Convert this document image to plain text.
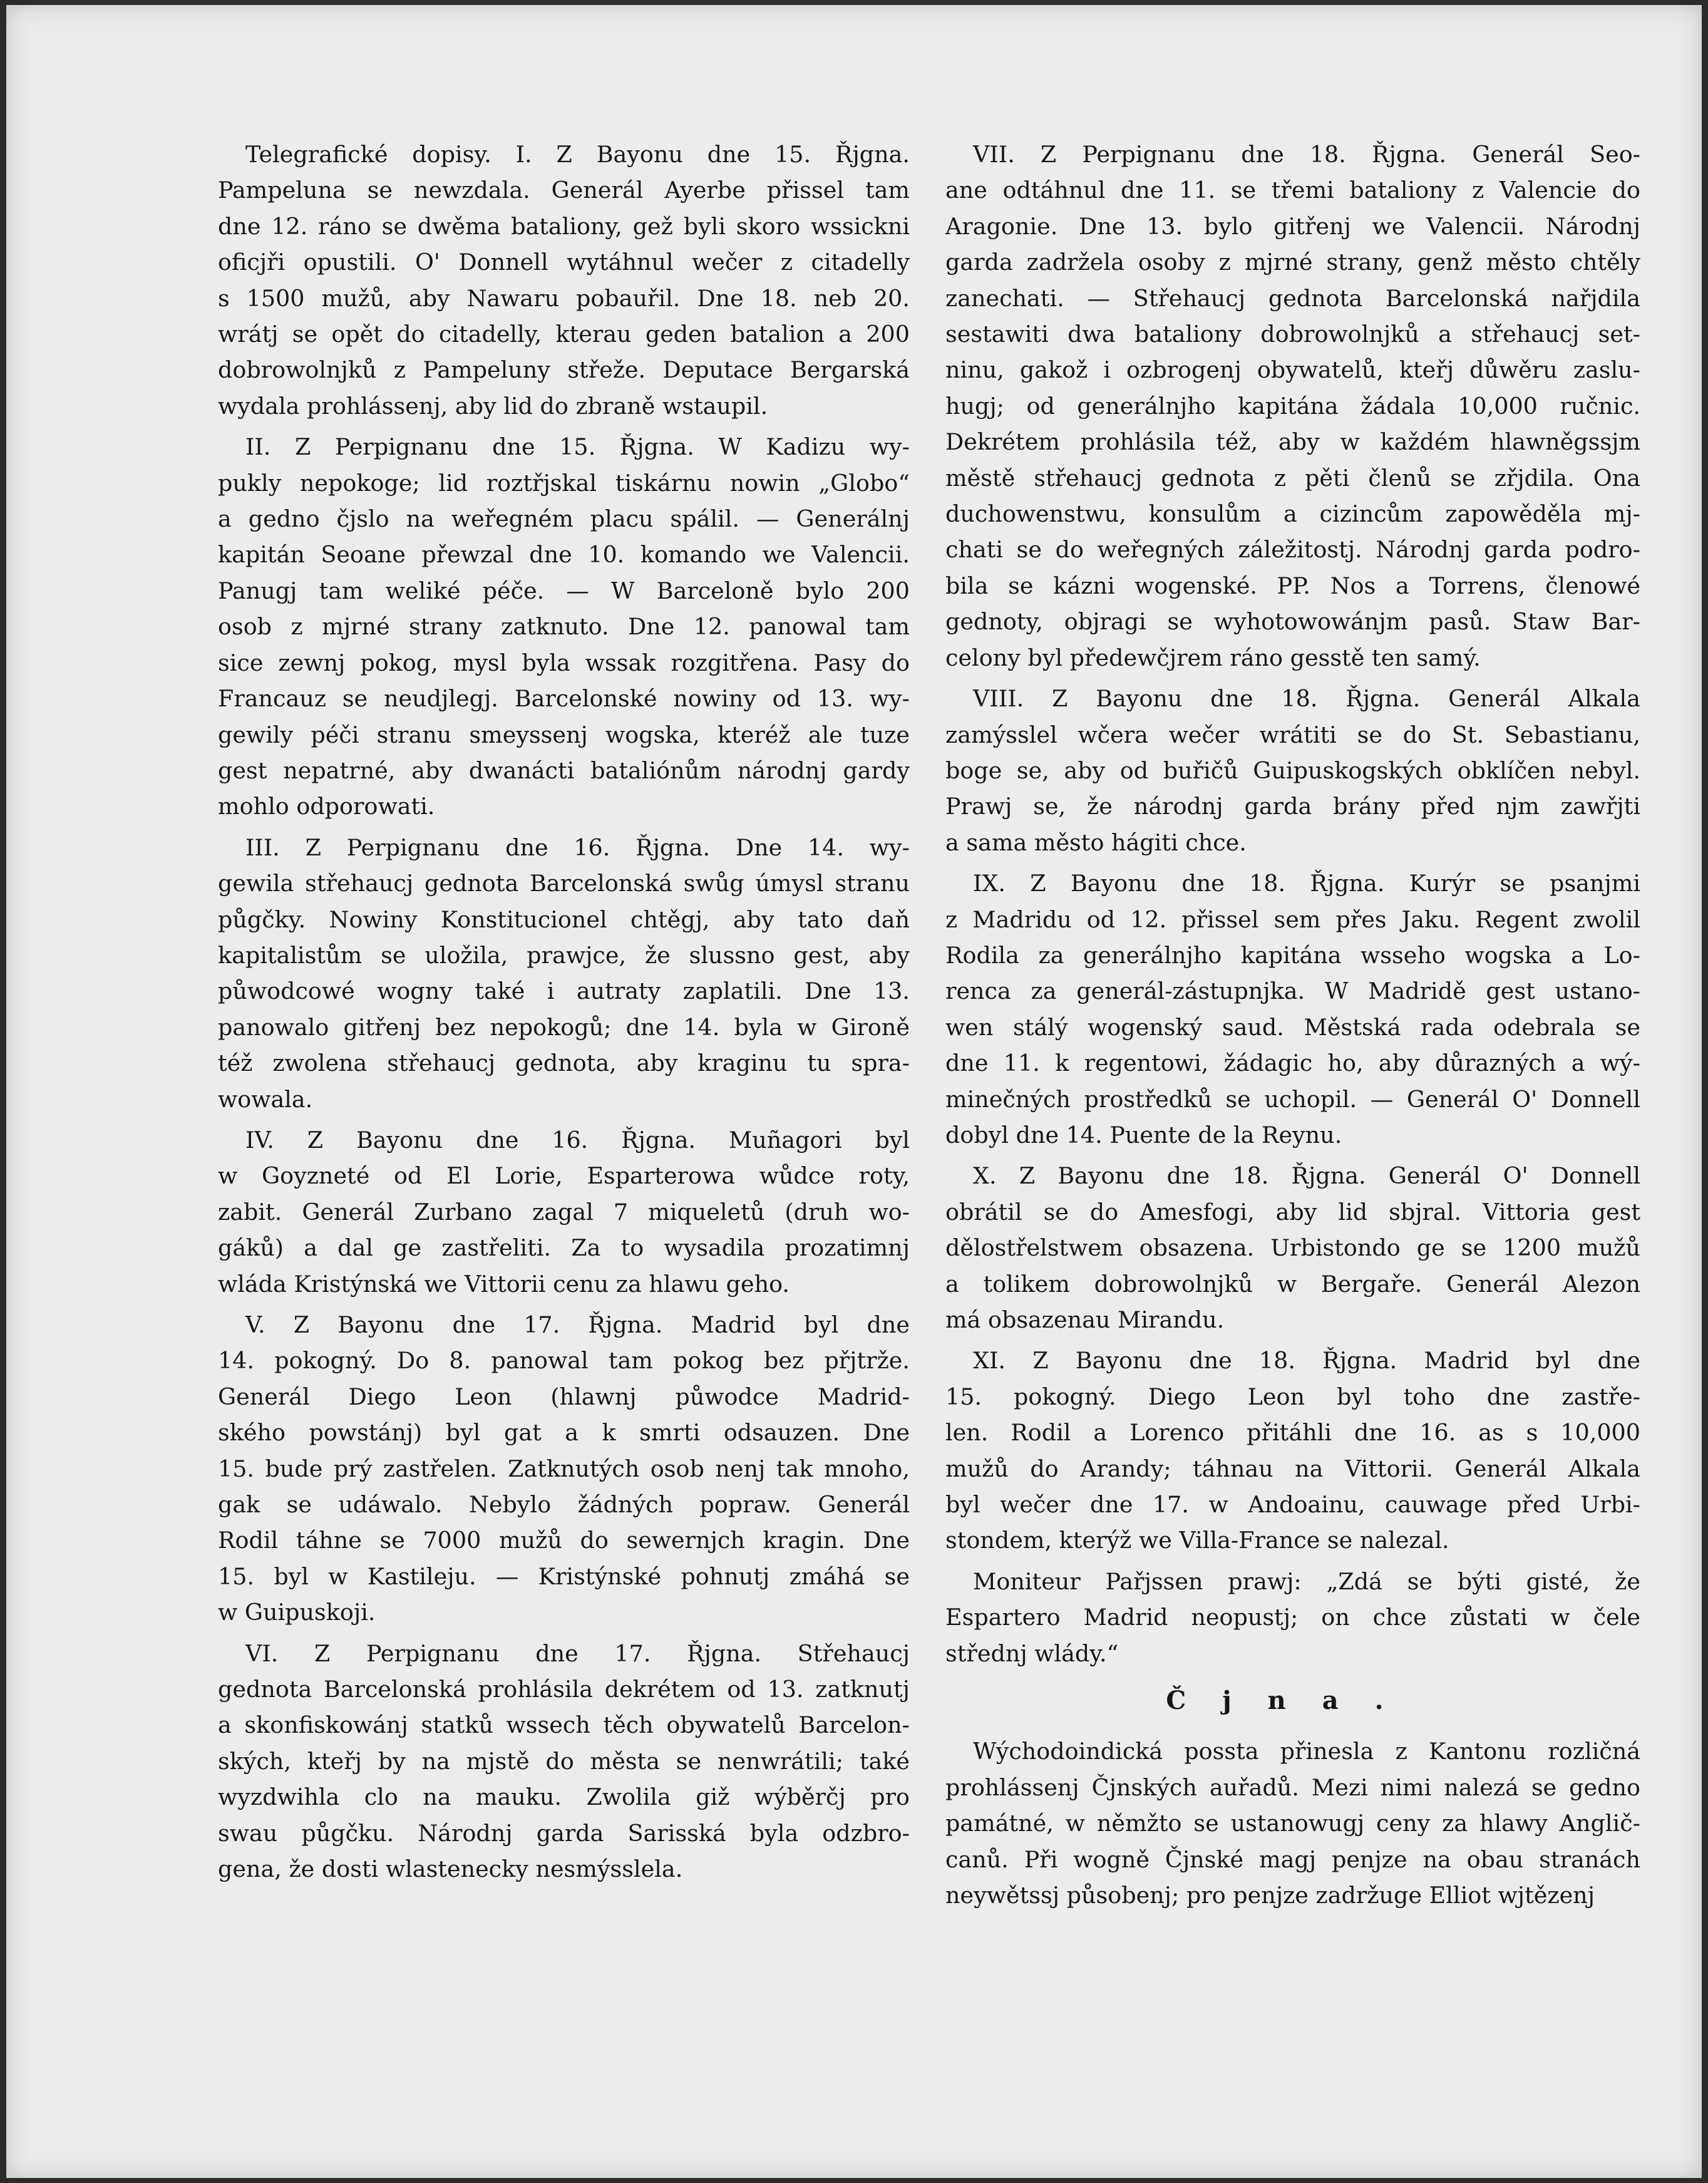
Telegrafické dopisy. I. Z Bayonu dne 15. Řjgna.
Pampeluna se newzdala. Generál Ayerbe přissel tam
dne 12. ráno se dwěma bataliony, gež byli skoro wssickni
oficjři opustili. O' Donnell wytáhnul wečer z citadelly
s 1500 mužů, aby Nawaru pobauřil. Dne 18. neb 20.
wrátj se opět do citadelly, kterau geden batalion a 200
dobrowolnjků z Pampeluny střeže. Deputace Bergarská
wydala prohlássenj, aby lid do zbraně wstaupil.
II. Z Perpignanu dne 15. Řjgna. W Kadizu wy-
pukly nepokoge; lid roztřjskal tiskárnu nowin „Globo“
a gedno čjslo na weřegném placu spálil. — Generálnj
kapitán Seoane přewzal dne 10. komando we Valencii.
Panugj tam weliké péče. — W Barceloně bylo 200
osob z mjrné strany zatknuto. Dne 12. panowal tam
sice zewnj pokog, mysl byla wssak rozgitřena. Pasy do
Francauz se neudjlegj. Barcelonské nowiny od 13. wy-
gewily péči stranu smeyssenj wogska, kteréž ale tuze
gest nepatrné, aby dwanácti bataliónům národnj gardy
mohlo odporowati.
III. Z Perpignanu dne 16. Řjgna. Dne 14. wy-
gewila střehaucj gednota Barcelonská swůg úmysl stranu
půgčky. Nowiny Konstitucionel chtěgj, aby tato daň
kapitalistům se uložila, prawjce, že slussno gest, aby
půwodcowé wogny také i autraty zaplatili. Dne 13.
panowalo gitřenj bez nepokogů; dne 14. byla w Gironě
též zwolena střehaucj gednota, aby kraginu tu spra-
wowala.
IV. Z Bayonu dne 16. Řjgna. Muñagori byl
w Goyzneté od El Lorie, Esparterowa wůdce roty,
zabit. Generál Zurbano zagal 7 miqueletů (druh wo-
gáků) a dal ge zastřeliti. Za to wysadila prozatimnj
wláda Kristýnská we Vittorii cenu za hlawu geho.
V. Z Bayonu dne 17. Řjgna. Madrid byl dne
14. pokogný. Do 8. panowal tam pokog bez přjtrže.
Generál Diego Leon (hlawnj půwodce Madrid-
ského powstánj) byl gat a k smrti odsauzen. Dne
15. bude prý zastřelen. Zatknutých osob nenj tak mnoho,
gak se udáwalo. Nebylo žádných popraw. Generál
Rodil táhne se 7000 mužů do sewernjch kragin. Dne
15. byl w Kastileju. — Kristýnské pohnutj zmáhá se
w Guipuskoji.
VI. Z Perpignanu dne 17. Řjgna. Střehaucj
gednota Barcelonská prohlásila dekrétem od 13. zatknutj
a skonfiskowánj statků wssech těch obywatelů Barcelon-
ských, kteřj by na mjstě do města se nenwrátili; také
wyzdwihla clo na mauku. Zwolila giž wýběrčj pro
swau půgčku. Národnj garda Sarisská byla odzbro-
gena, že dosti wlastenecky nesmýsslela.
VII. Z Perpignanu dne 18. Řjgna. Generál Seo-
ane odtáhnul dne 11. se třemi bataliony z Valencie do
Aragonie. Dne 13. bylo gitřenj we Valencii. Národnj
garda zadržela osoby z mjrné strany, genž město chtěly
zanechati. — Střehaucj gednota Barcelonská nařjdila
sestawiti dwa bataliony dobrowolnjků a střehaucj set-
ninu, gakož i ozbrogenj obywatelů, kteřj důwěru zaslu-
hugj; od generálnjho kapitána žádala 10,000 ručnic.
Dekrétem prohlásila též, aby w každém hlawněgssjm
městě střehaucj gednota z pěti členů se zřjdila. Ona
duchowenstwu, konsulům a cizincům zapowěděla mj-
chati se do weřegných záležitostj. Národnj garda podro-
bila se kázni wogenské. PP. Nos a Torrens, členowé
gednoty, objragi se wyhotowowánjm pasů. Staw Bar-
celony byl předewčjrem ráno gesstě ten samý.
VIII. Z Bayonu dne 18. Řjgna. Generál Alkala
zamýsslel wčera wečer wrátiti se do St. Sebastianu,
boge se, aby od buřičů Guipuskogských obklíčen nebyl.
Prawj se, že národnj garda brány před njm zawřjti
a sama město hágiti chce.
IX. Z Bayonu dne 18. Řjgna. Kurýr se psanjmi
z Madridu od 12. přissel sem přes Jaku. Regent zwolil
Rodila za generálnjho kapitána wsseho wogska a Lo-
renca za generál-zástupnjka. W Madridě gest ustano-
wen stálý wogenský saud. Městská rada odebrala se
dne 11. k regentowi, žádagic ho, aby důrazných a wý-
minečných prostředků se uchopil. — Generál O' Donnell
dobyl dne 14. Puente de la Reynu.
X. Z Bayonu dne 18. Řjgna. Generál O' Donnell
obrátil se do Amesfogi, aby lid sbjral. Vittoria gest
dělostřelstwem obsazena. Urbistondo ge se 1200 mužů
a tolikem dobrowolnjků w Bergaře. Generál Alezon
má obsazenau Mirandu.
XI. Z Bayonu dne 18. Řjgna. Madrid byl dne
15. pokogný. Diego Leon byl toho dne zastře-
len. Rodil a Lorenco přitáhli dne 16. as s 10,000
mužů do Arandy; táhnau na Vittorii. Generál Alkala
byl wečer dne 17. w Andoainu, cauwage před Urbi-
stondem, kterýž we Villa-France se nalezal.
Moniteur Pařjssen prawj: „Zdá se býti gisté, že
Espartero Madrid neopustj; on chce zůstati w čele
střednj wlády.“
Čjna.
Wýchodoindická possta přinesla z Kantonu rozličná
prohlássenj Čjnských auřadů. Mezi nimi nalezá se gedno
památné, w němžto se ustanowugj ceny za hlawy Anglič-
canů. Při wogně Čjnské magj penjze na obau stranách
neywětssj působenj; pro penjze zadržuge Elliot wjtězenj
